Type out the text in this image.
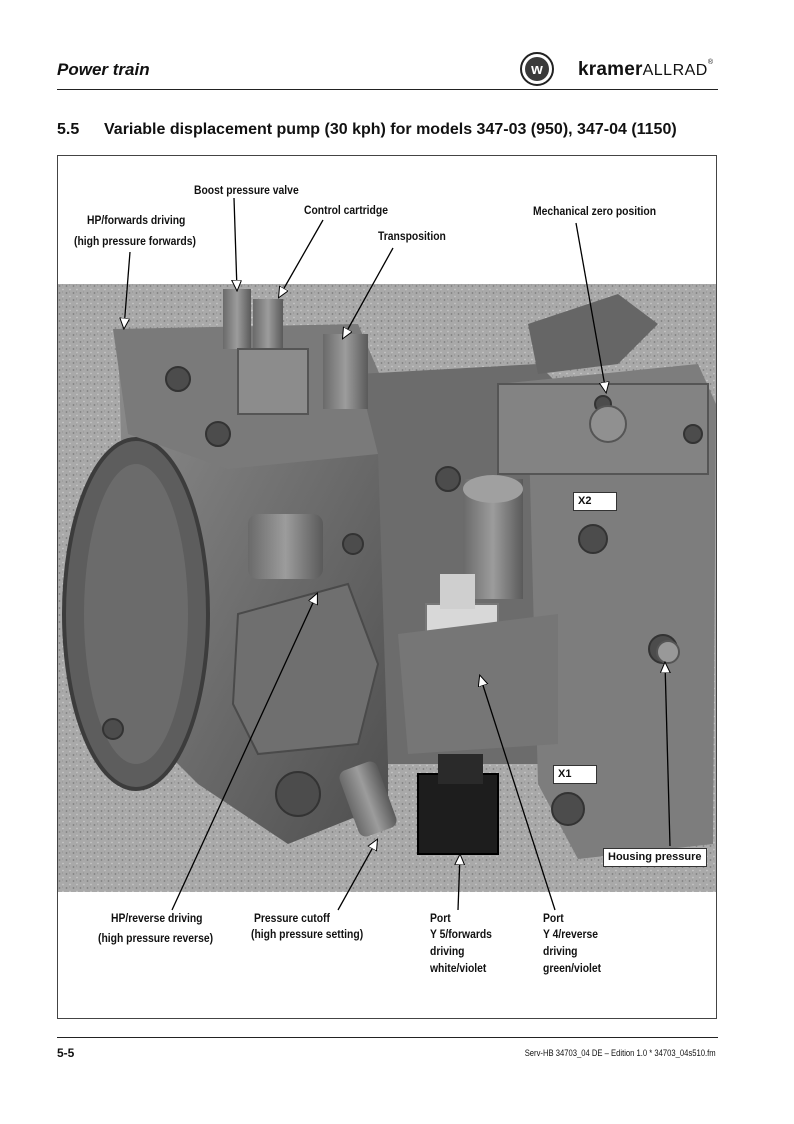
Power train	w kramerALLRAD®
5.5 Variable displacement pump (30 kph) for models 347-03 (950), 347-04 (1150)
Boost pressure valve
Control cartridge
Transposition
Mechanical zero position
HP/forwards driving
(high pressure forwards)
X2
X1
Housing pressure
HP/reverse driving
(high pressure reverse)
Pressure cutoff
(high pressure setting)
Port
Y 5/forwards
driving
white/violet
Port
Y 4/reverse
driving
green/violet
5-5	Serv-HB 34703_04 DE – Edition 1.0 * 34703_04s510.fm
